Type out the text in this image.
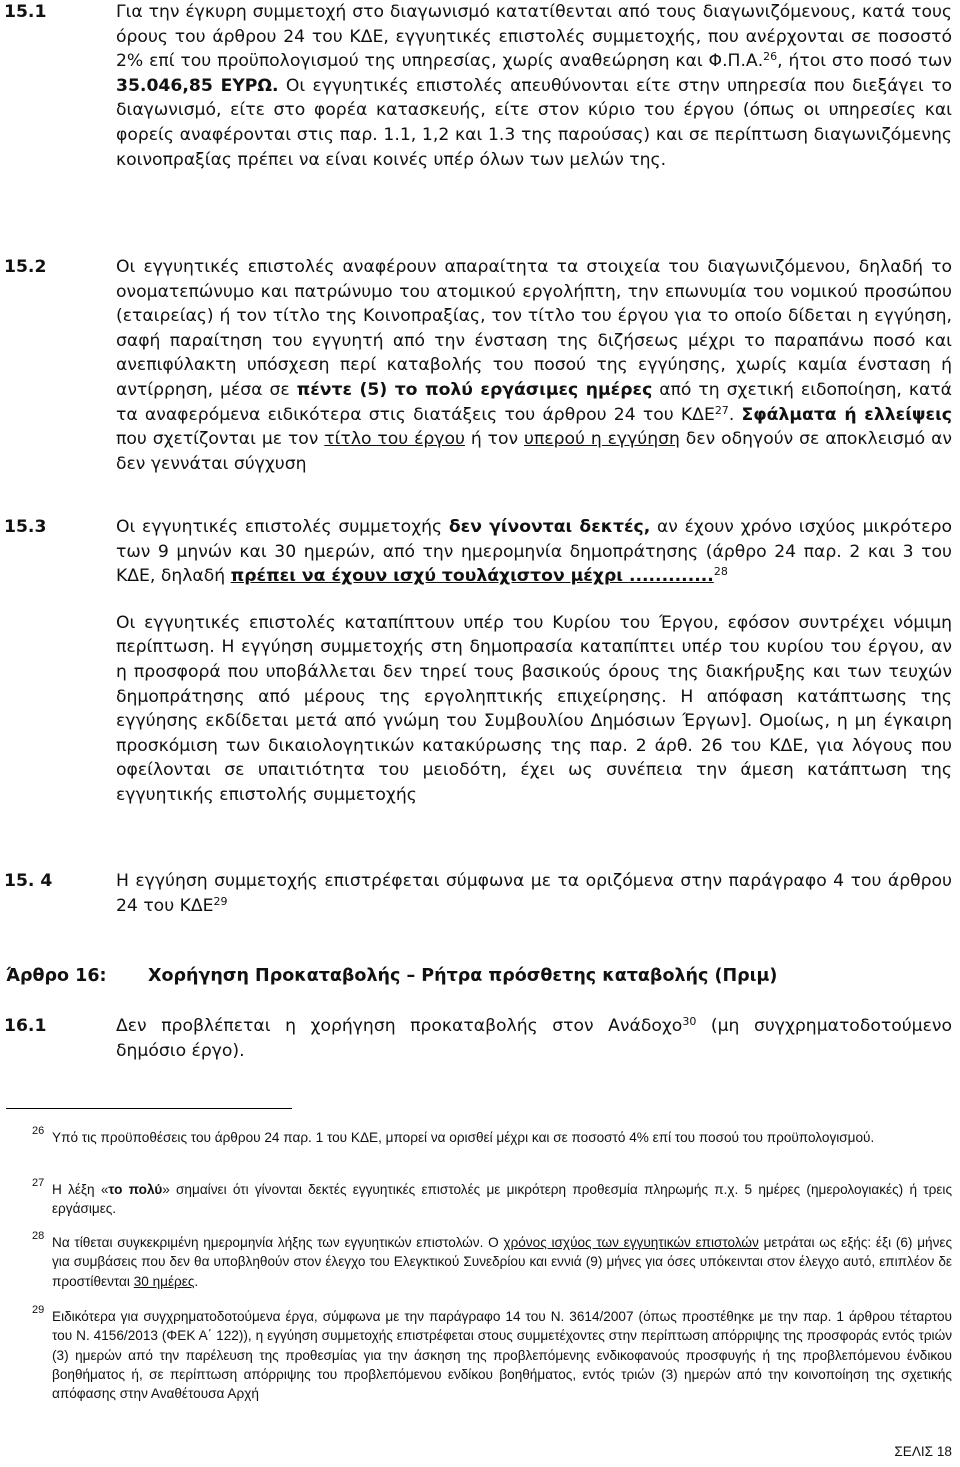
15.1	Για την έγκυρη συμμετοχή στο διαγωνισμό κατατίθενται από τους διαγωνιζόμενους, κατά τους όρους του άρθρου 24 του ΚΔΕ, εγγυητικές επιστολές συμμετοχής, που ανέρχονται σε ποσοστό 2% επί του προϋπολογισμού της υπηρεσίας, χωρίς αναθεώρηση και Φ.Π.Α.$^{26}$, ήτοι στο ποσό των 35.046,85 ΕΥΡΩ. Οι εγγυητικές επιστολές απευθύνονται είτε στην υπηρεσία που διεξάγει το διαγωνισμό, είτε στο φορέα κατασκευής, είτε στον κύριο του έργου (όπως οι υπηρεσίες και φορείς αναφέρονται στις παρ. 1.1, 1,2 και 1.3 της παρούσας) και σε περίπτωση διαγωνιζόμενης κοινοπραξίας πρέπει να είναι κοινές υπέρ όλων των μελών της.
15.2	Οι εγγυητικές επιστολές αναφέρουν απαραίτητα τα στοιχεία του διαγωνιζόμενου, δηλαδή το ονοματεπώνυμο και πατρώνυμο του ατομικού εργολήπτη, την επωνυμία του νομικού προσώπου (εταιρείας) ή τον τίτλο της Κοινοπραξίας, τον τίτλο του έργου για το οποίο δίδεται η εγγύηση, σαφή παραίτηση του εγγυητή από την ένσταση της διζήσεως μέχρι το παραπάνω ποσό και ανεπιφύλακτη υπόσχεση περί καταβολής του ποσού της εγγύησης, χωρίς καμία ένσταση ή αντίρρηση, μέσα σε πέντε (5) το πολύ εργάσιμες ημέρες από τη σχετική ειδοποίηση, κατά τα αναφερόμενα ειδικότερα στις διατάξεις του άρθρου 24 του ΚΔΕ$^{27}$. Σφάλματα ή ελλείψεις που σχετίζονται με τον τίτλο του έργου ή τον υπερού η εγγύηση δεν οδηγούν σε αποκλεισμό αν δεν γεννάται σύγχυση
15.3	Οι εγγυητικές επιστολές συμμετοχής δεν γίνονται δεκτές, αν έχουν χρόνο ισχύος μικρότερο των 9 μηνών και 30 ημερών, από την ημερομηνία δημοπράτησης (άρθρο 24 παρ. 2 και 3 του ΚΔΕ, δηλαδή πρέπει να έχουν ισχύ τουλάχιστον μέχρι .............$^{28}$

Οι εγγυητικές επιστολές καταπίπτουν υπέρ του Κυρίου του Έργου, εφόσον συντρέχει νόμιμη περίπτωση. Η εγγύηση συμμετοχής στη δημοπρασία καταπίπτει υπέρ του κυρίου του έργου, αν η προσφορά που υποβάλλεται δεν τηρεί τους βασικούς όρους της διακήρυξης και των τευχών δημοπράτησης από μέρους της εργοληπτικής επιχείρησης. Η απόφαση κατάπτωσης της εγγύησης εκδίδεται μετά από γνώμη του Συμβουλίου Δημόσιων Έργων]. Ομοίως, η μη έγκαιρη προσκόμιση των δικαιολογητικών κατακύρωσης της παρ. 2 άρθ. 26 του ΚΔΕ, για λόγους που οφείλονται σε υπαιτιότητα του μειοδότη, έχει ως συνέπεια την άμεση κατάπτωση της εγγυητικής επιστολής συμμετοχής

15. 4	Η εγγύηση συμμετοχής επιστρέφεται σύμφωνα με τα οριζόμενα στην παράγραφο 4 του άρθρου 24 του ΚΔΕ$^{29}$
Άρθρο 16: Χορήγηση Προκαταβολής – Ρήτρα πρόσθετης καταβολής (Πριμ)
16.1	Δεν προβλέπεται η χορήγηση προκαταβολής στον Ανάδοχο$^{30}$ (μη συγχρηματοδοτούμενο δημόσιο έργο).
26 Υπό τις προϋποθέσεις του άρθρου 24 παρ. 1 του ΚΔΕ, μπορεί να ορισθεί μέχρι και σε ποσοστό 4% επί του ποσού του προϋπολογισμού.
27 Η λέξη «το πολύ» σημαίνει ότι γίνονται δεκτές εγγυητικές επιστολές με μικρότερη προθεσμία πληρωμής π.χ. 5 ημέρες (ημερολογιακές) ή τρεις εργάσιμες.
28 Να τίθεται συγκεκριμένη ημερομηνία λήξης των εγγυητικών επιστολών. Ο χρόνος ισχύος των εγγυητικών επιστολών μετράται ως εξής: έξι (6) μήνες για συμβάσεις που δεν θα υποβληθούν στον έλεγχο του Ελεγκτικού Συνεδρίου και εννιά (9) μήνες για όσες υπόκεινται στον έλεγχο αυτό, επιπλέον δε προστίθενται 30 ημέρες.
29 Ειδικότερα για συγχρηματοδοτούμενα έργα, σύμφωνα με την παράγραφο 14 του Ν. 3614/2007 (όπως προστέθηκε με την παρ. 1 άρθρου τέταρτου του Ν. 4156/2013 (ΦΕΚ Α΄ 122)), η εγγύηση συμμετοχής επιστρέφεται στους συμμετέχοντες στην περίπτωση απόρριψης της προσφοράς εντός τριών (3) ημερών από την παρέλευση της προθεσμίας για την άσκηση της προβλεπόμενης ενδικοφανούς προσφυγής ή της προβλεπόμενου ένδικου βοηθήματος ή, σε περίπτωση απόρριψης του προβλεπόμενου ενδίκου βοηθήματος, εντός τριών (3) ημερών από την κοινοποίηση της σχετικής απόφασης στην Αναθέτουσα Αρχή
ΣΕΛΙΣ 18
